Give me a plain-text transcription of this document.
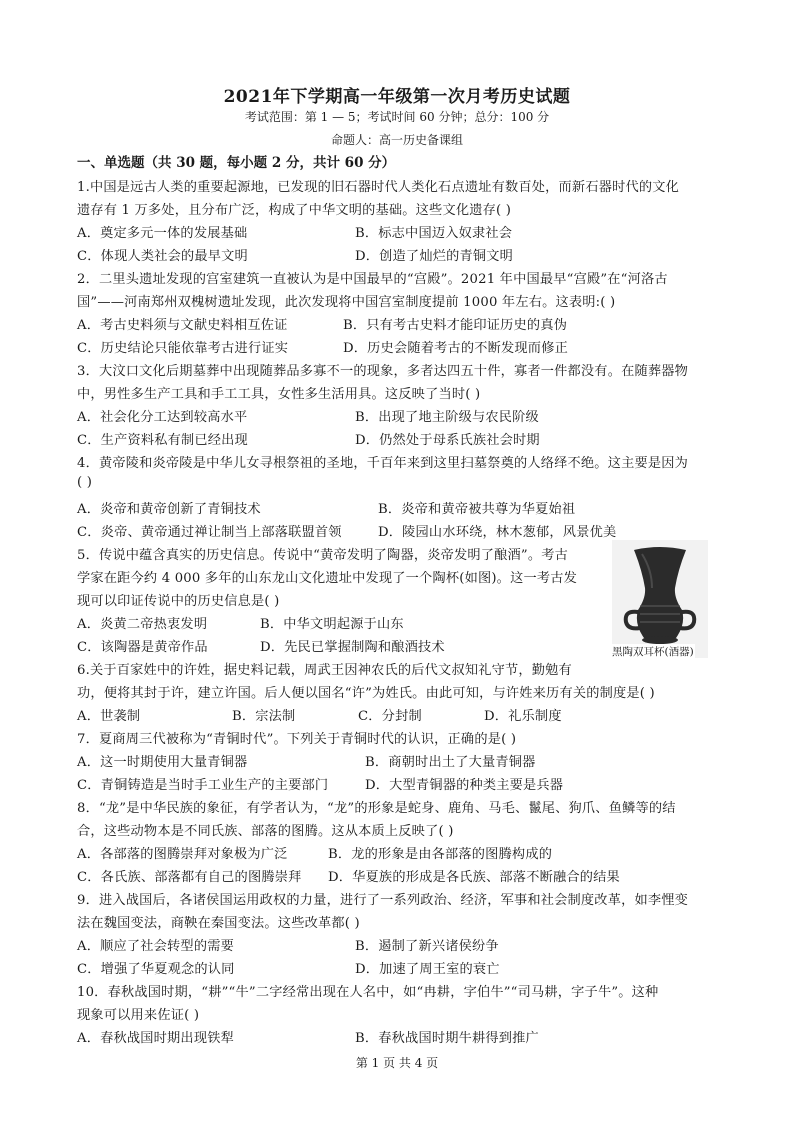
2021年下学期高一年级第一次月考历史试题
考试范围：第 1 — 5；考试时间 60 分钟；总分：100 分
命题人：高一历史备课组
一、单选题（共 30 题，每小题 2 分，共计 60 分）
1.中国是远古人类的重要起源地，已发现的旧石器时代人类化石点遗址有数百处，而新石器时代的文化
遗存有 1 万多处，且分布广泛，构成了中华文明的基础。这些文化遗存( )
A．奠定多元一体的发展基础	B．标志中国迈入奴隶社会
C．体现人类社会的最早文明	D．创造了灿烂的青铜文明
2．二里头遗址发现的宫室建筑一直被认为是中国最早的“宫殿”。2021 年中国最早“宫殿”在“河洛古
国”——河南郑州双槐树遗址发现，此次发现将中国宫室制度提前 1000 年左右。这表明:( )
A．考古史料须与文献史料相互佐证	B．只有考古史料才能印证历史的真伪
C．历史结论只能依靠考古进行证实	D．历史会随着考古的不断发现而修正
3．大汶口文化后期墓葬中出现随葬品多寡不一的现象，多者达四五十件，寡者一件都没有。在随葬器物
中，男性多生产工具和手工工具，女性多生活用具。这反映了当时( )
A．社会化分工达到较高水平	B．出现了地主阶级与农民阶级
C．生产资料私有制已经出现	D．仍然处于母系氏族社会时期
4．黄帝陵和炎帝陵是中华儿女寻根祭祖的圣地，千百年来到这里扫墓祭奠的人络绎不绝。这主要是因为
( )
A．炎帝和黄帝创新了青铜技术	B．炎帝和黄帝被共尊为华夏始祖
C．炎帝、黄帝通过禅让制当上部落联盟首领	D．陵园山水环绕，林木葱郁，风景优美
5．传说中蕴含真实的历史信息。传说中“黄帝发明了陶器，炎帝发明了酿酒”。考古
学家在距今约 4 000 多年的山东龙山文化遗址中发现了一个陶杯(如图)。这一考古发
现可以印证传说中的历史信息是( )
A．炎黄二帝热衷发明	B．中华文明起源于山东
C．该陶器是黄帝作品	D．先民已掌握制陶和酿酒技术	黑陶双耳杯(酒器)
6.关于百家姓中的许姓，据史料记载，周武王因神农氏的后代文叔知礼守节，勤勉有
功，便将其封于许，建立许国。后人便以国名“许”为姓氏。由此可知，与许姓来历有关的制度是( )
A．世袭制	B．宗法制	C．分封制	D．礼乐制度
7．夏商周三代被称为“青铜时代”。下列关于青铜时代的认识，正确的是( )
A．这一时期使用大量青铜器	B．商朝时出土了大量青铜器
C．青铜铸造是当时手工业生产的主要部门	D．大型青铜器的种类主要是兵器
8．“龙”是中华民族的象征，有学者认为，“龙”的形象是蛇身、鹿角、马毛、鬣尾、狗爪、鱼鳞等的结
合，这些动物本是不同氏族、部落的图腾。这从本质上反映了( )
A．各部落的图腾崇拜对象极为广泛	B．龙的形象是由各部落的图腾构成的
C．各氏族、部落都有自己的图腾崇拜 D．华夏族的形成是各氏族、部落不断融合的结果
9．进入战国后，各诸侯国运用政权的力量，进行了一系列政治、经济，军事和社会制度改革，如李悝变
法在魏国变法，商鞅在秦国变法。这些改革都( )
A．顺应了社会转型的需要	B．遏制了新兴诸侯纷争
C．增强了华夏观念的认同	D．加速了周王室的衰亡
10．春秋战国时期，“耕”“牛”二字经常出现在人名中，如“冉耕，字伯牛”“司马耕，字子牛”。这种
现象可以用来佐证( )
A．春秋战国时期出现铁犁	B．春秋战国时期牛耕得到推广
第 1 页 共 4 页
